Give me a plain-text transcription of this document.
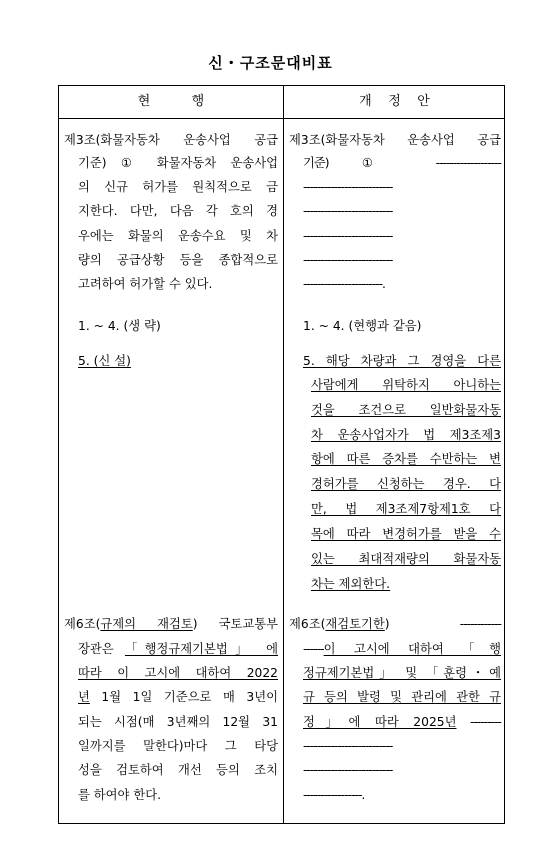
신・구조문대비표
현          행	개    정    안
제3조(화물자동차 운송사업 공급
기준) ① 화물자동차 운송사업
의 신규 허가를 원칙적으로 금
지한다. 다만, 다음 각 호의 경
우에는 화물의 운송수요 및 차
량의 공급상황 등을 종합적으로
고려하여 허가할 수 있다.
1. ~ 4. (생 략)
5. (신 설)
제6조(규제의 재검토) 국토교통부
장관은 「행정규제기본법」 에
따라 이 고시에 대하여 2022
년 1월 1일 기준으로 매 3년이
되는 시점(매 3년째의 12월 31
일까지를 말한다)마다 그 타당
성을 검토하여 개선 등의 조치
를 하여야 한다.
제3조(화물자동차 운송사업 공급
기준) ① -------------------
--------------------------
--------------------------
--------------------------
--------------------------
-----------------------.
1. ~ 4. (현행과 같음)
5. 해당 차량과 그 경영을 다른
사람에게 위탁하지 아니하는
것을 조건으로 일반화물자동
차 운송사업자가 법 제3조제3
항에 따른 증차를 수반하는 변
경허가를 신청하는 경우. 다
만, 법 제3조제7항제1호 다
목에 따라 변경허가를 받을 수
있는 최대적재량의 화물자동
차는 제외한다.
제6조(재검토기한) ------------
------이 고시에 대하여 「행
정규제기본법」 및 「훈령・예
규 등의 발령 및 관리에 관한 규
정」에 따라 2025년 ---------
--------------------------
--------------------------
-----------------.
